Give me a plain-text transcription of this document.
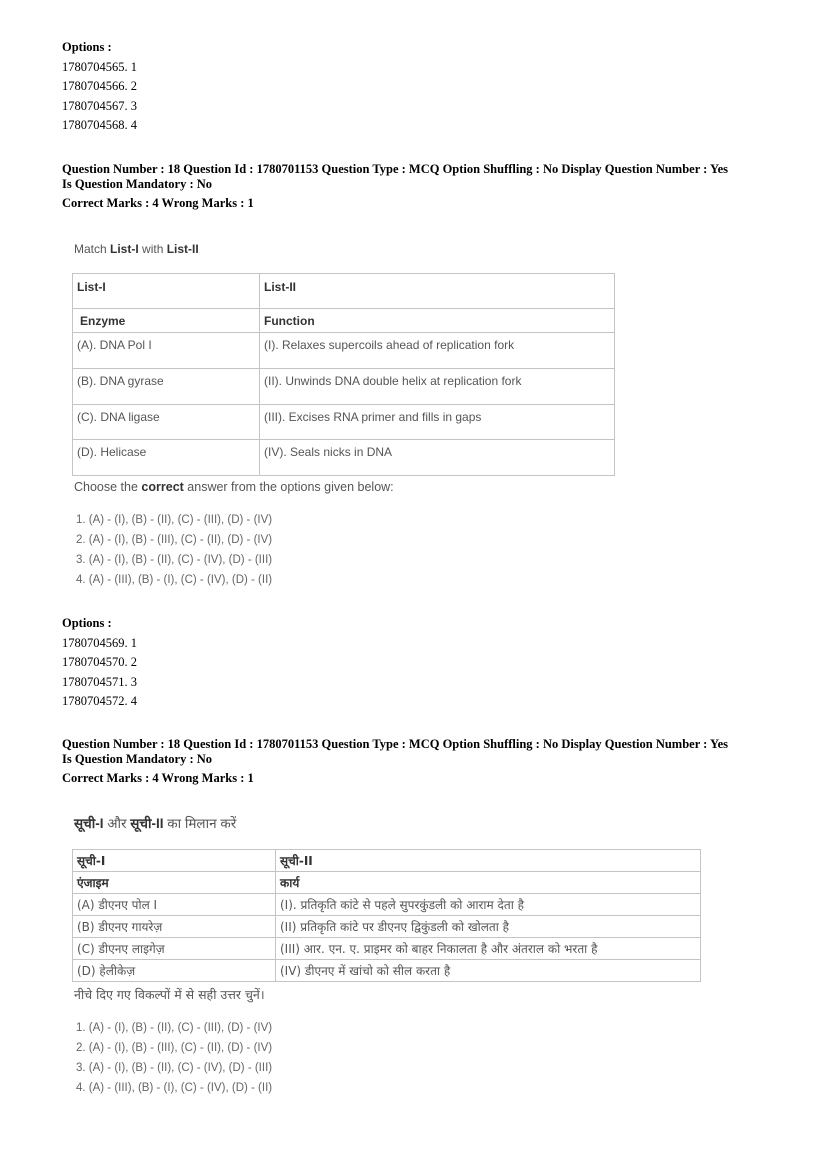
Options :
1780704565. 1
1780704566. 2
1780704567. 3
1780704568. 4
Question Number : 18 Question Id : 1780701153 Question Type : MCQ Option Shuffling : No Display Question Number : Yes
Is Question Mandatory : No
Correct Marks : 4 Wrong Marks : 1
Match List-I with List-II
List-I	List-II
Enzyme	Function
(A). DNA Pol I	(I). Relaxes supercoils ahead of replication fork
(B). DNA gyrase	(II). Unwinds DNA double helix at replication fork
(C). DNA ligase	(III). Excises RNA primer and fills in gaps
(D). Helicase	(IV). Seals nicks in DNA
Choose the correct answer from the options given below:
1. (A) - (I), (B) - (II), (C) - (III), (D) - (IV)
2. (A) - (I), (B) - (III), (C) - (II), (D) - (IV)
3. (A) - (I), (B) - (II), (C) - (IV), (D) - (III)
4. (A) - (III), (B) - (I), (C) - (IV), (D) - (II)
Options :
1780704569. 1
1780704570. 2
1780704571. 3
1780704572. 4
Question Number : 18 Question Id : 1780701153 Question Type : MCQ Option Shuffling : No Display Question Number : Yes
Is Question Mandatory : No
Correct Marks : 4 Wrong Marks : 1
सूची-I और सूची-II का मिलान करें
सूची-I	सूची-II
एंजाइम	कार्य
(A) डीएनए पोल I	(I). प्रतिकृति कांटे से पहले सुपरकुंडली को आराम देता है
(B) डीएनए गायरेज़	(II) प्रतिकृति कांटे पर डीएनए द्विकुंडली को खोलता है
(C) डीएनए लाइगेज़	(III) आर. एन. ए. प्राइमर को बाहर निकालता है और अंतराल को भरता है
(D) हेलीकेज़	(IV) डीएनए में खांचो को सील करता है
नीचे दिए गए विकल्पों में से सही उत्तर चुनें।
1. (A) - (I), (B) - (II), (C) - (III), (D) - (IV)
2. (A) - (I), (B) - (III), (C) - (II), (D) - (IV)
3. (A) - (I), (B) - (II), (C) - (IV), (D) - (III)
4. (A) - (III), (B) - (I), (C) - (IV), (D) - (II)
